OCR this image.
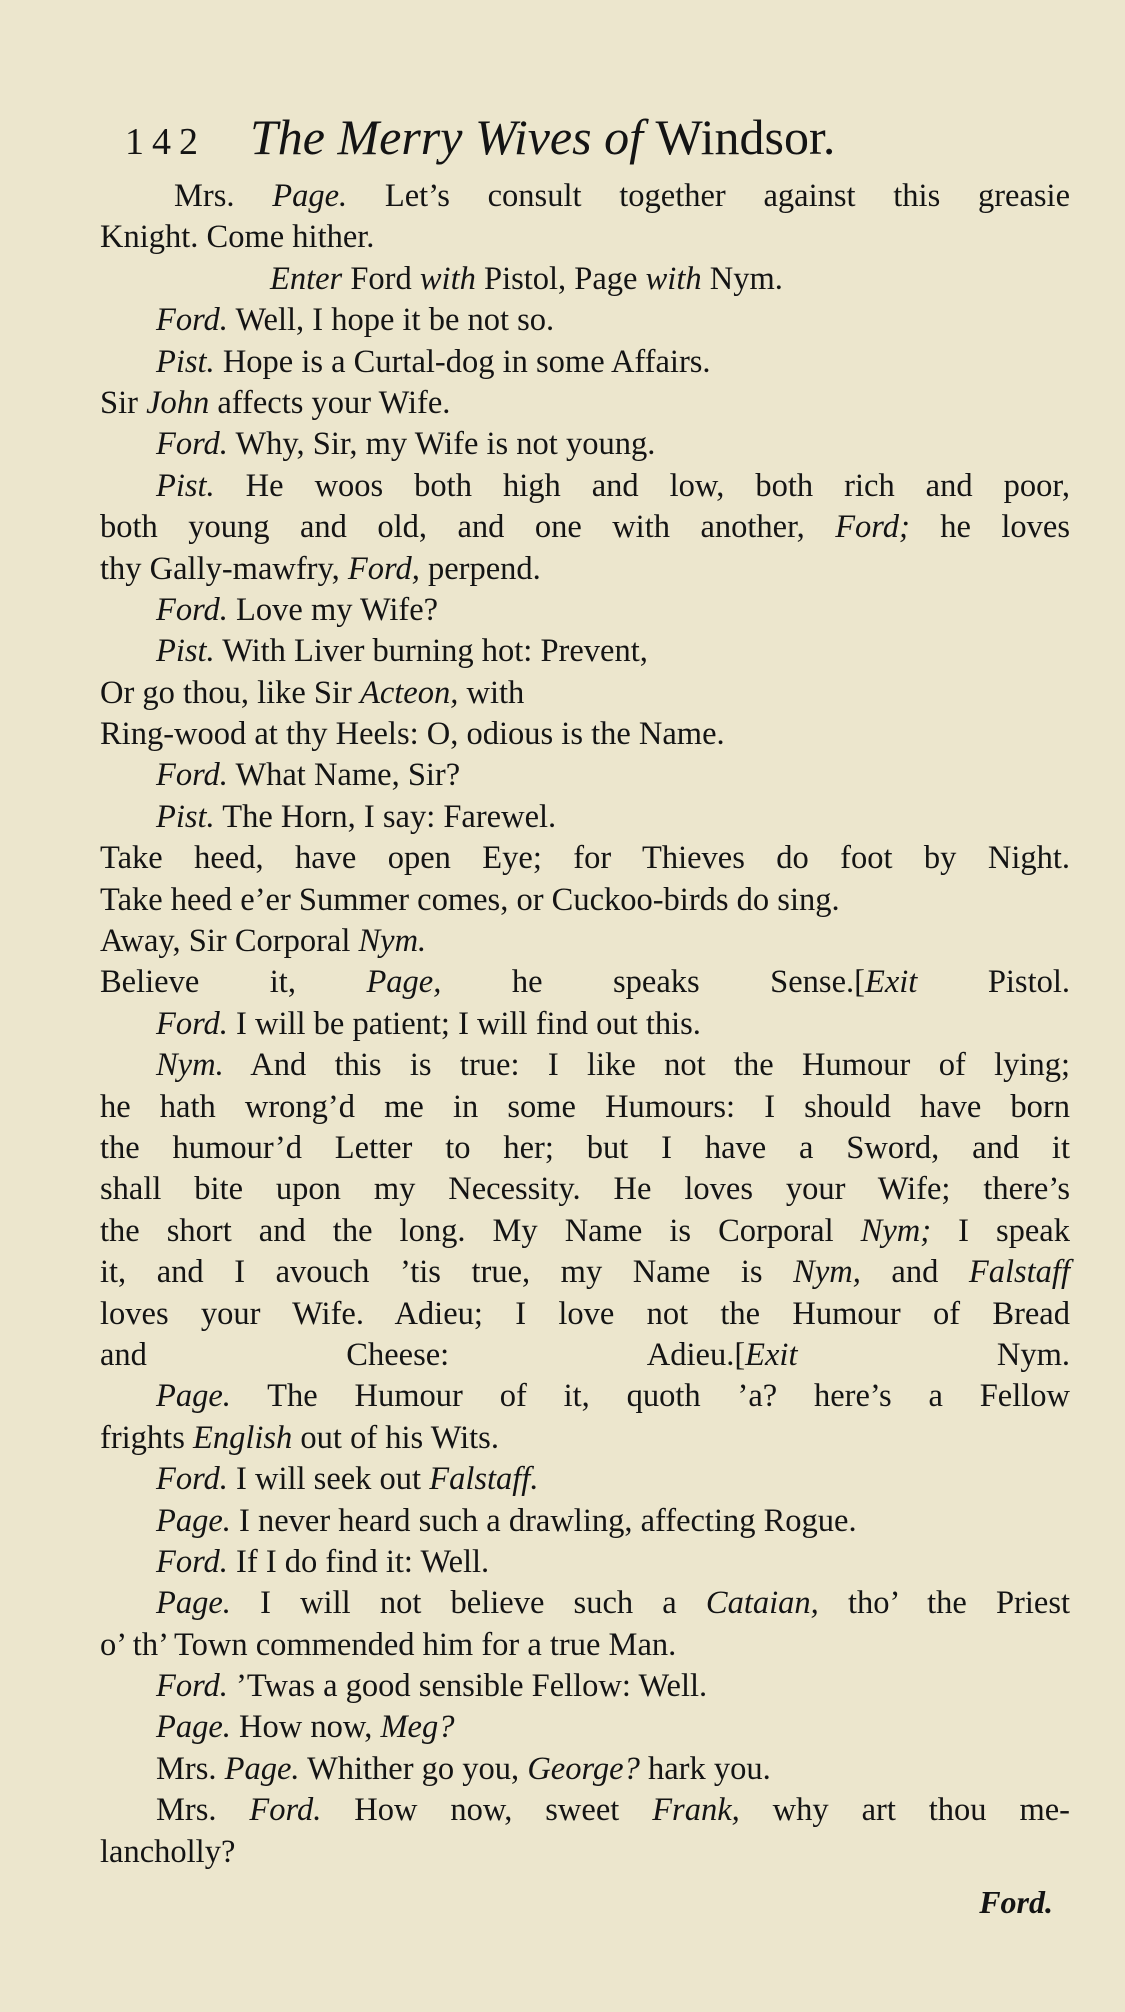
142 The Merry Wives of Windsor.
Mrs. Page. Let’s consult together against this greasie
Knight. Come hither.
Enter Ford with Pistol, Page with Nym.
Ford. Well, I hope it be not so.
Pist. Hope is a Curtal-dog in some Affairs.
Sir John affects your Wife.
Ford. Why, Sir, my Wife is not young.
Pist. He woos both high and low, both rich and poor,
both young and old, and one with another, Ford; he loves
thy Gally-mawfry, Ford, perpend.
Ford. Love my Wife?
Pist. With Liver burning hot: Prevent,
Or go thou, like Sir Acteon, with
Ring-wood at thy Heels: O, odious is the Name.
Ford. What Name, Sir?
Pist. The Horn, I say: Farewel.
Take heed, have open Eye; for Thieves do foot by Night.
Take heed e’er Summer comes, or Cuckoo-birds do sing.
Away, Sir Corporal Nym.
Believe it, Page, he speaks Sense.[Exit Pistol.
Ford. I will be patient; I will find out this.
Nym. And this is true: I like not the Humour of lying;
he hath wrong’d me in some Humours: I should have born
the humour’d Letter to her; but I have a Sword, and it
shall bite upon my Necessity. He loves your Wife; there’s
the short and the long. My Name is Corporal Nym; I speak
it, and I avouch ’tis true, my Name is Nym, and Falstaff
loves your Wife. Adieu; I love not the Humour of Bread
and Cheese: Adieu.[Exit Nym.
Page. The Humour of it, quoth ’a? here’s a Fellow
frights English out of his Wits.
Ford. I will seek out Falstaff.
Page. I never heard such a drawling, affecting Rogue.
Ford. If I do find it: Well.
Page. I will not believe such a Cataian, tho’ the Priest
o’ th’ Town commended him for a true Man.
Ford. ’Twas a good sensible Fellow: Well.
Page. How now, Meg?
Mrs. Page. Whither go you, George? hark you.
Mrs. Ford. How now, sweet Frank, why art thou me-
lancholly?
Ford.
